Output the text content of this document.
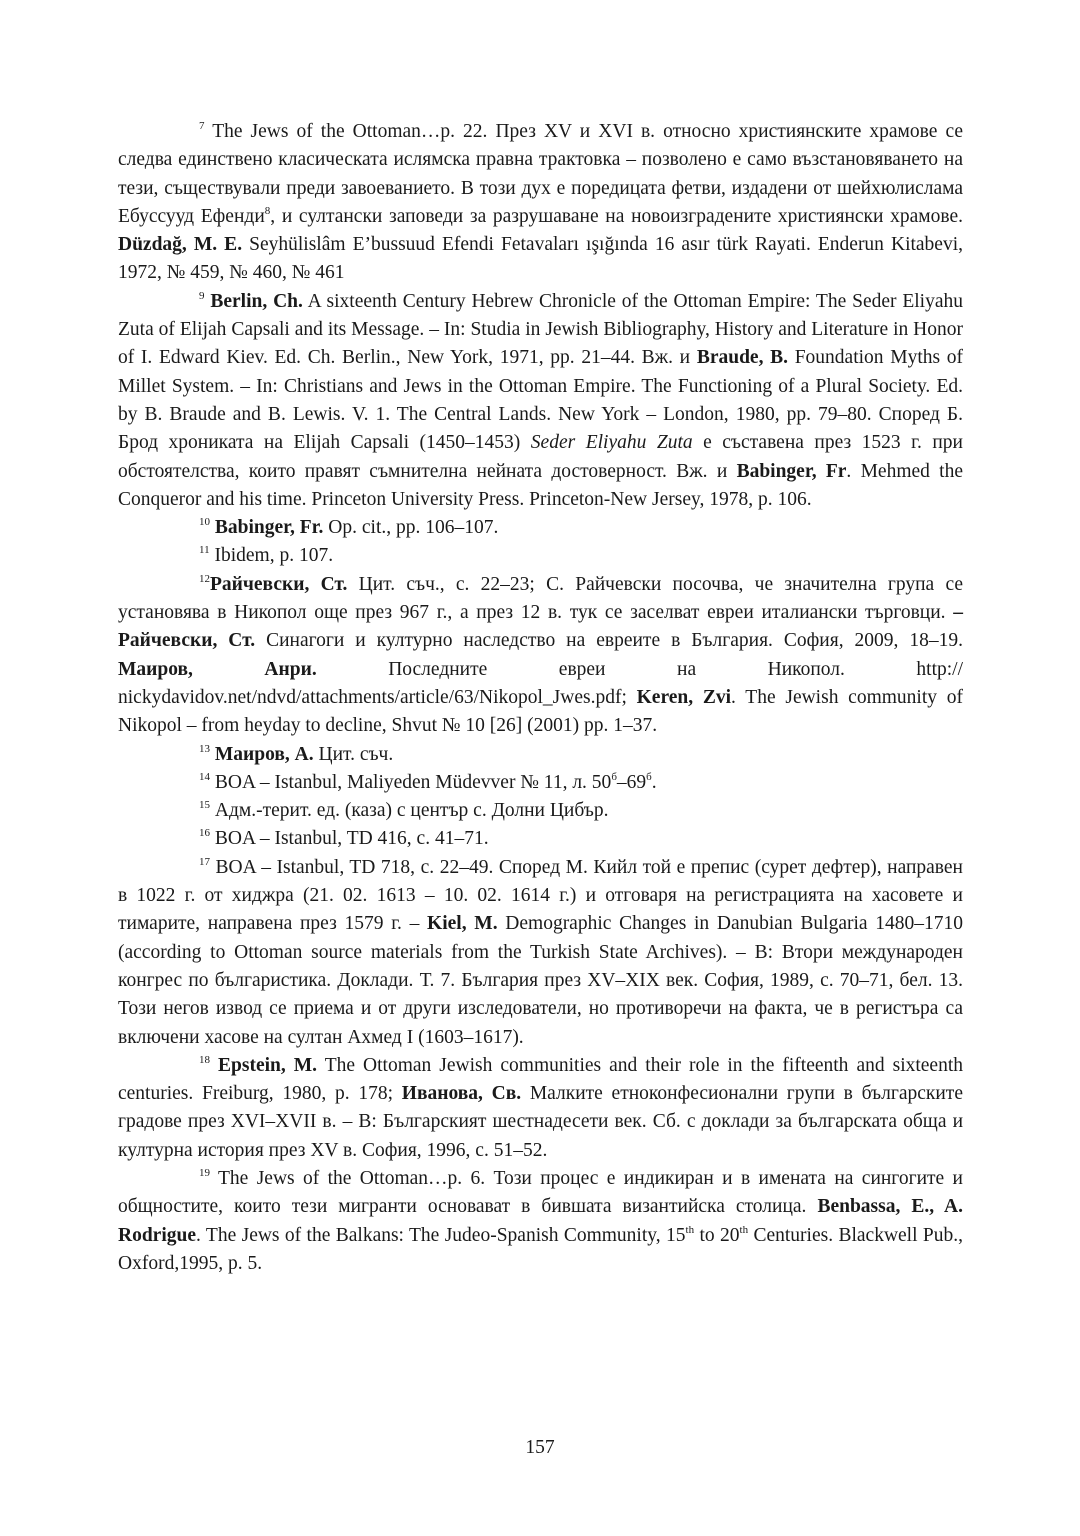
$^7$ The Jews of the Ottoman…p. 22. През XV и XVI в. относно християнските храмове се следва единствено класическата ислямска правна трактовка – позволено е само възстановяването на тези, съществували преди завоеванието. В този дух е поредицата фетви, издадени от шейхюлислама Ебуссууд Ефенди$^8$, и султански заповеди за разрушаване на новоизградените християнски храмове. Düzdağ, M. E. Seyhülislâm E’bussuud Efendi Fetavaları ışığında 16 asır türk Rayati. Enderun Kitabevi, 1972, № 459, № 460, № 461

$^9$ Berlin, Ch. A sixteenth Century Hebrew Chronicle of the Ottoman Empire: The Seder Eliyahu Zuta of Elijah Capsali and its Message. – In: Studia in Jewish Bibliography, History and Literature in Honor of I. Edward Kiev. Ed. Ch. Berlin., New York, 1971, pp. 21–44. Вж. и Braude, B. Foundation Myths of Millet System. – In: Christians and Jews in the Ottoman Empire. The Functioning of a Plural Society. Ed. by B. Braude and B. Lewis. V. 1. The Central Lands. New York – London, 1980, pp. 79–80. Според Б. Брод хрониката на Elijah Capsali (1450–1453) Seder Eliyahu Zuta е съставена през 1523 г. при обстоятелства, които правят съмнителна нейната достоверност. Вж. и Babinger, Fr. Mehmed the Conqueror and his time. Princeton University Press. Princeton-New Jersey, 1978, p. 106.

$^{10}$ Babinger, Fr. Op. cit., pp. 106–107.

$^{11}$ Ibidem, p. 107.

$^{12}$Райчевски, Ст. Цит. съч., с. 22–23; С. Райчевски посочва, че значителна група се установява в Никопол още през 967 г., а през 12 в. тук се заселват евреи италиански търговци. – Райчевски, Ст. Синагоги и културно наследство на евреите в България. София, 2009, 18–19. Маиров, Анри. Последните евреи на Никопол. http:// nickydavidov.net/ndvd/attachments/article/63/Nikopol_Jwes.pdf; Keren, Zvi. The Jewish community of Nikopol – from heyday to decline, Shvut № 10 [26] (2001) pp. 1–37.

$^{13}$ Маиров, А. Цит. съч.

$^{14}$ BOA – Istanbul, Maliyeden Müdevver № 11, л. $50^б-69^б$.

$^{15}$ Адм.-терит. ед. (каза) с център с. Долни Цибър.

$^{16}$ BOA – Istanbul, TD 416, с. 41–71.

$^{17}$ BOA – Istanbul, TD 718, с. 22–49. Според М. Кийл той е препис (сурет дефтер), направен в 1022 г. от хиджра (21. 02. 1613 – 10. 02. 1614 г.) и отговаря на регистрацията на хасовете и тимарите, направена през 1579 г. – Kiel, M. Demographic Changes in Danubian Bulgaria 1480–1710 (according to Ottoman source materials from the Turkish State Archives). – В: Втори международен конгрес по българистика. Доклади. Т. 7. България през XV–XIX век. София, 1989, с. 70–71, бел. 13. Този негов извод се приема и от други изследователи, но противоречи на факта, че в регистъра са включени хасове на султан Ахмед I (1603–1617).

$^{18}$ Epstein, M. The Ottoman Jewish communities and their role in the fifteenth and sixteenth centuries. Freiburg, 1980, p. 178; Иванова, Св. Малките етноконфесионални групи в българските градове през XVI–XVII в. – В: Българският шестнадесети век. Сб. с доклади за българската обща и културна история през XV в. София, 1996, с. 51–52.

$^{19}$ The Jews of the Ottoman…p. 6. Този процес е индикиран и в имената на сингогите и общностите, които тези мигранти основават в бившата византийска столица. Benbassa, E., A. Rodrigue. The Jews of the Balkans: The Judeo-Spanish Community, 15th to 20th Centuries. Blackwell Pub., Oxford,1995, p. 5.

157
